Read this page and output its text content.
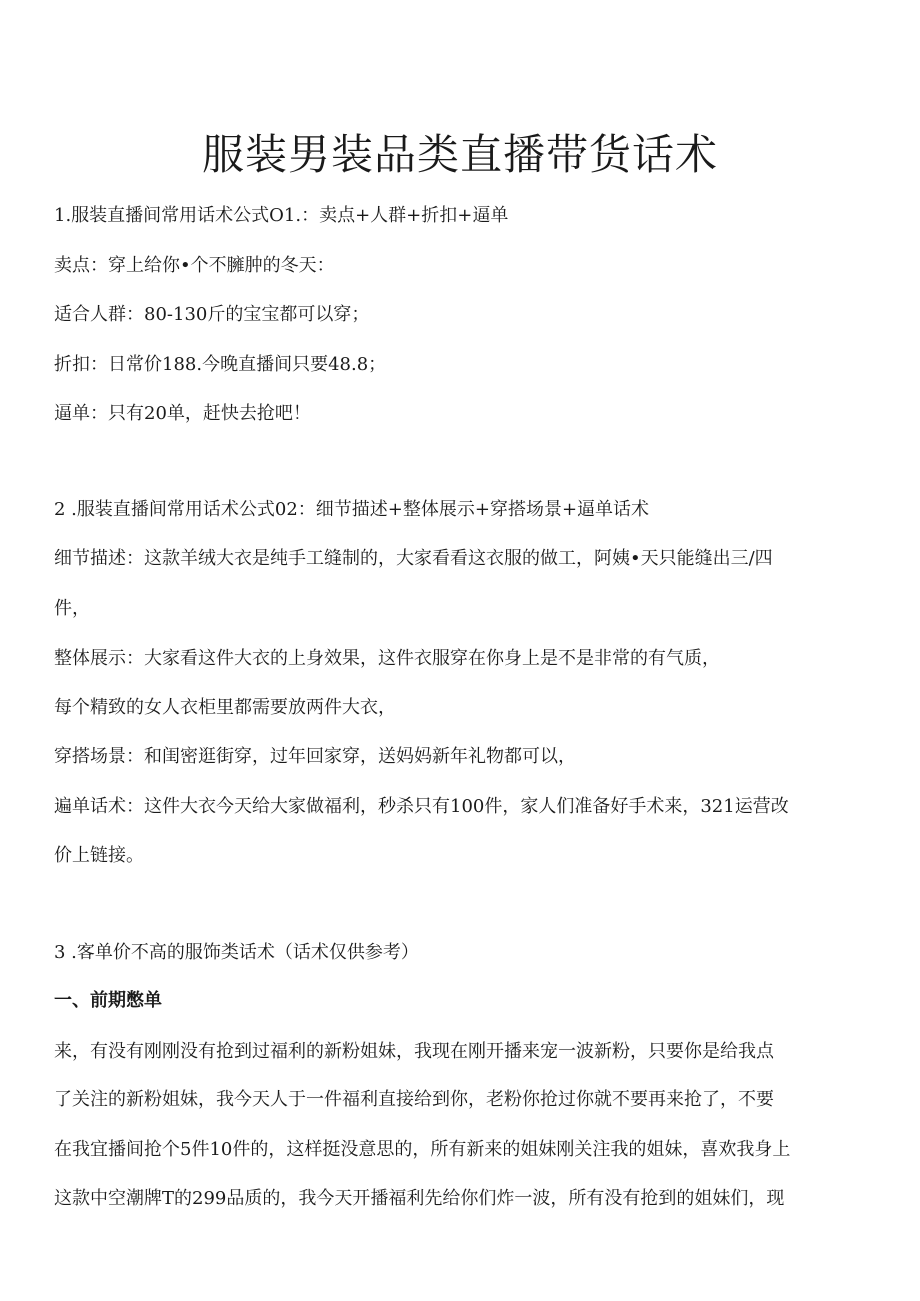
服装男装品类直播带货话术
1.服装直播间常用话术公式O1.：卖点+人群+折扣+逼单
卖点：穿上给你•个不臃肿的冬天：
适合人群：80-130斤的宝宝都可以穿；
折扣：日常价188.今晚直播间只要48.8；
逼单：只有20单，赶快去抢吧！
2 .服装直播间常用话术公式02：细节描述+整体展示+穿搭场景+逼单话术
细节描述：这款羊绒大衣是纯手工缝制的，大家看看这衣服的做工，阿姨•天只能缝出三/四
件，
整体展示：大家看这件大衣的上身效果，这件衣服穿在你身上是不是非常的有气质，
每个精致的女人衣柜里都需要放两件大衣，
穿搭场景：和闺密逛街穿，过年回家穿，送妈妈新年礼物都可以，
遍单话术：这件大衣今天给大家做福利，秒杀只有100件，家人们准备好手术来，321运营改
价上链接。
3 .客单价不高的服饰类话术（话术仅供参考）
一、前期憋单
来，有没有刚刚没有抢到过福利的新粉姐妹，我现在刚开播来宠一波新粉，只要你是给我点
了关注的新粉姐妹，我今天人于一件福利直接给到你，老粉你抢过你就不要再来抢了，不要
在我宜播间抢个5件10件的，这样挺没意思的，所有新来的姐妹刚关注我的姐妹，喜欢我身上
这款中空潮牌T的299品质的，我今天开播福利先给你们炸一波，所有没有抢到的姐妹们，现
